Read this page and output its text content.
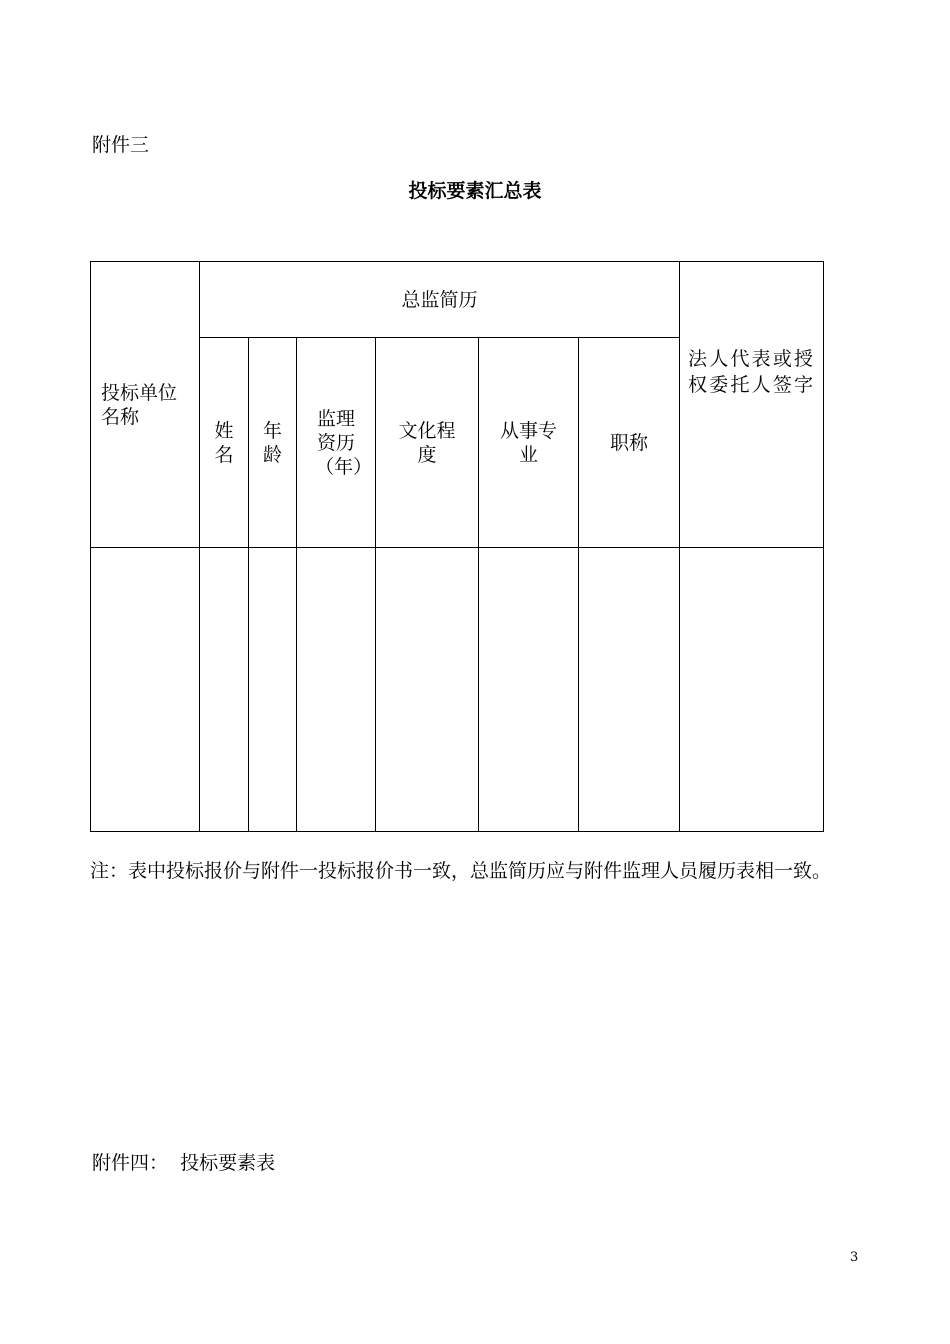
附件三
投标要素汇总表
投标单位名称	总监简历						法人代表或授权委托人签字
	姓名	年龄	监理资历（年）	文化程度	从事专业	职称	

注：表中投标报价与附件一投标报价书一致，总监简历应与附件监理人员履历表相一致。
附件四： 投标要素表
3
